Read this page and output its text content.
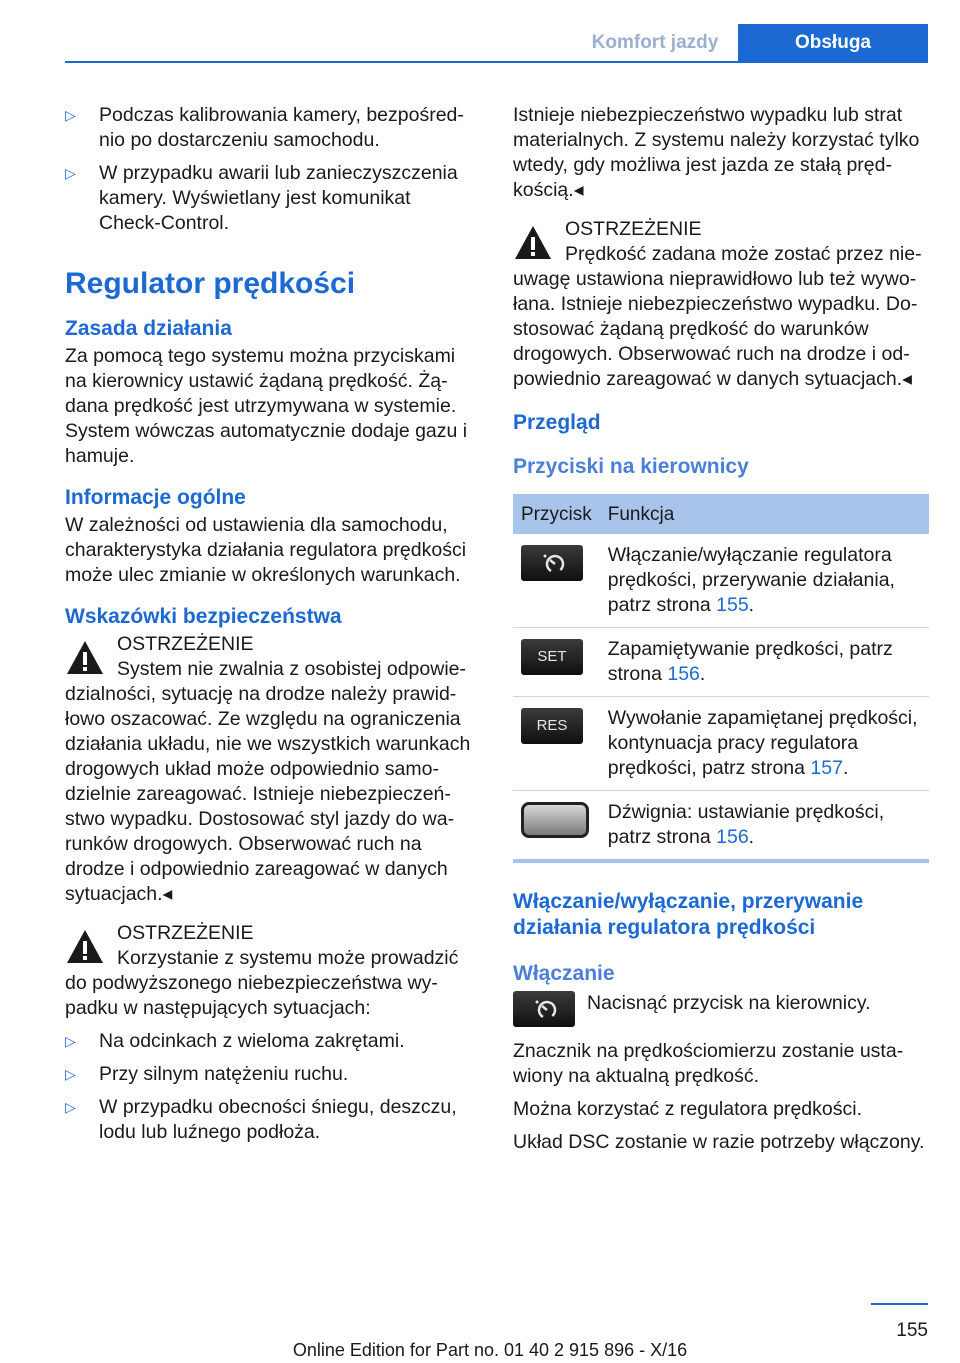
Komfort jazdy	Obsługa
▷ Podczas kalibrowania kamery, bezpośrednio po dostarczeniu samochodu.
▷ W przypadku awarii lub zanieczyszczenia kamery. Wyświetlany jest komunikat Check-Control.
Regulator prędkości
Zasada działania

Za pomocą tego systemu można przyciskami na kierownicy ustawić żądaną prędkość. Żądana prędkość jest utrzymywana w systemie. System wówczas automatycznie dodaje gazu i hamuje.

Informacje ogólne

W zależności od ustawienia dla samochodu, charakterystyka działania regulatora prędkości może ulec zmianie w określonych warunkach.

Wskazówki bezpieczeństwa
OSTRZEŻENIE

System nie zwalnia z osobistej odpowiedzialności, sytuację na drodze należy prawidłowo oszacować. Ze względu na ograniczenia działania układu, nie we wszystkich warunkach drogowych układ może odpowiednio samodzielnie zareagować. Istnieje niebezpieczeństwo wypadku. Dostosować styl jazdy do warunków drogowych. Obserwować ruch na drodze i odpowiednio zareagować w danych sytuacjach.◂

OSTRZEŻENIE

Korzystanie z systemu może prowadzić do podwyższonego niebezpieczeństwa wypadku w następujących sytuacjach:

▷ Na odcinkach z wieloma zakrętami.
▷ Przy silnym natężeniu ruchu.
▷ W przypadku obecności śniegu, deszczu, lodu lub luźnego podłoża.

Istnieje niebezpieczeństwo wypadku lub strat materialnych. Z systemu należy korzystać tylko wtedy, gdy możliwa jest jazda ze stałą prędkością.◂

OSTRZEŻENIE

Prędkość zadana może zostać przez nieuwagę ustawiona nieprawidłowo lub też wywołana. Istnieje niebezpieczeństwo wypadku. Dostosować żądaną prędkość do warunków drogowych. Obserwować ruch na drodze i odpowiednio zareagować w danych sytuacjach.◂

Przegląd
Przyciski na kierownicy
Przycisk	Funkcja

	Włączanie/wyłączanie regulatora prędkości, przerywanie działania, patrz strona 155.

SET	Zapamiętywanie prędkości, patrz strona 156.

RES	Wywołanie zapamiętanej prędkości, kontynuacja pracy regulatora prędkości, patrz strona 157.

	Dźwignia: ustawianie prędkości, patrz strona 156.
Włączanie/wyłączanie, przerywanie działania regulatora prędkości
Włączanie
Nacisnąć przycisk na kierownicy.

Znacznik na prędkościomierzu zostanie ustawiony na aktualną prędkość.

Można korzystać z regulatora prędkości.

Układ DSC zostanie w razie potrzeby włączony.

155
Online Edition for Part no. 01 40 2 915 896 - X/16
